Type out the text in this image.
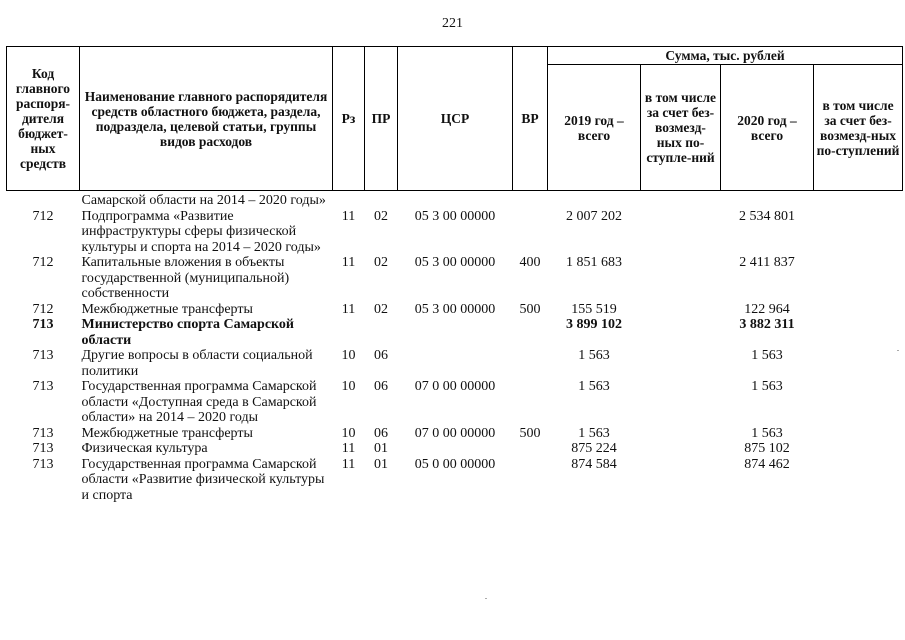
221
Код главного распоря-дителя бюджет-ных средств	Наименование главного распорядителя средств областного бюджета, раздела, подраздела, целевой статьи, группы видов расходов	Рз	ПР	ЦСР	ВР	Сумма, тыс. рублей			
						2019 год – всего	в том числе за счет без-возмезд-ных по-ступле-ний	2020 год – всего	в том числе за счет без-возмезд-ных по-ступлений
	Самарской области на 2014 – 2020 годы»								
712	Подпрограмма «Развитие инфраструктуры сферы физической культуры и спорта на 2014 – 2020 годы»	11	02	05 3 00 00000		2 007 202		2 534 801	
712	Капитальные вложения в объекты государственной (муниципальной) собственности	11	02	05 3 00 00000	400	1 851 683		2 411 837	
712	Межбюджетные трансферты	11	02	05 3 00 00000	500	155 519		122 964	
713	Министерство спорта Самарской области					3 899 102		3 882 311	
713	Другие вопросы в области социальной политики	10	06			1 563		1 563	
713	Государственная программа Самарской области «Доступная среда в Самарской области» на 2014 – 2020 годы	10	06	07 0 00 00000		1 563		1 563	
713	Межбюджетные трансферты	10	06	07 0 00 00000	500	1 563		1 563	
713	Физическая культура	11	01			875 224		875 102	
713	Государственная программа Самарской области «Развитие физической культуры и спорта	11	01	05 0 00 00000		874 584		874 462	
